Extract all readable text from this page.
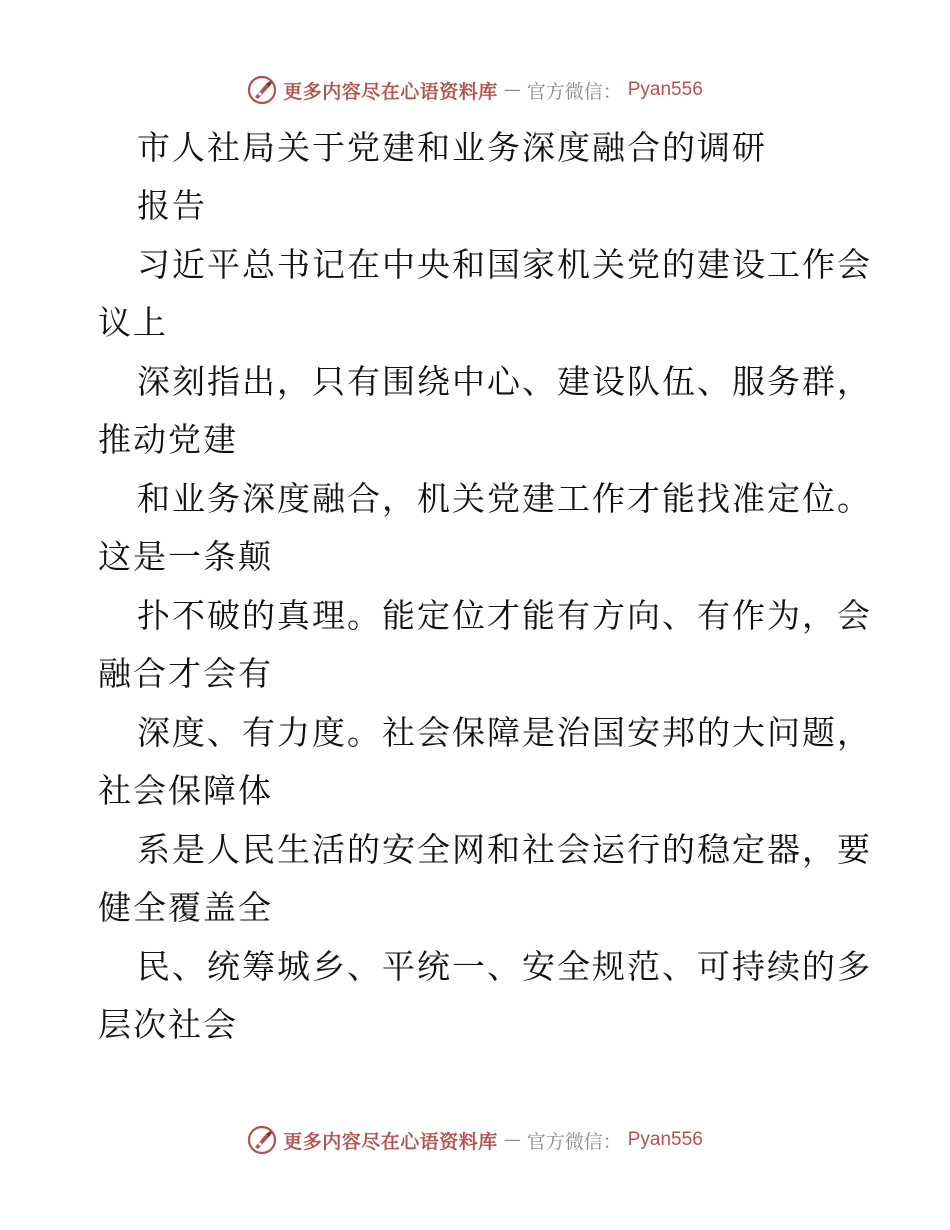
更多内容尽在心语资料库 — 官方微信： Pyan556
市人社局关于党建和业务深度融合的调研
报告
习近平总书记在中央和国家机关党的建设工作会
议上
深刻指出，只有围绕中心、建设队伍、服务群，
推动党建
和业务深度融合，机关党建工作才能找准定位。
这是一条颠
扑不破的真理。能定位才能有方向、有作为，会
融合才会有
深度、有力度。社会保障是治国安邦的大问题，
社会保障体
系是人民生活的安全网和社会运行的稳定器，要
健全覆盖全
民、统筹城乡、平统一、安全规范、可持续的多
层次社会
更多内容尽在心语资料库 — 官方微信： Pyan556
